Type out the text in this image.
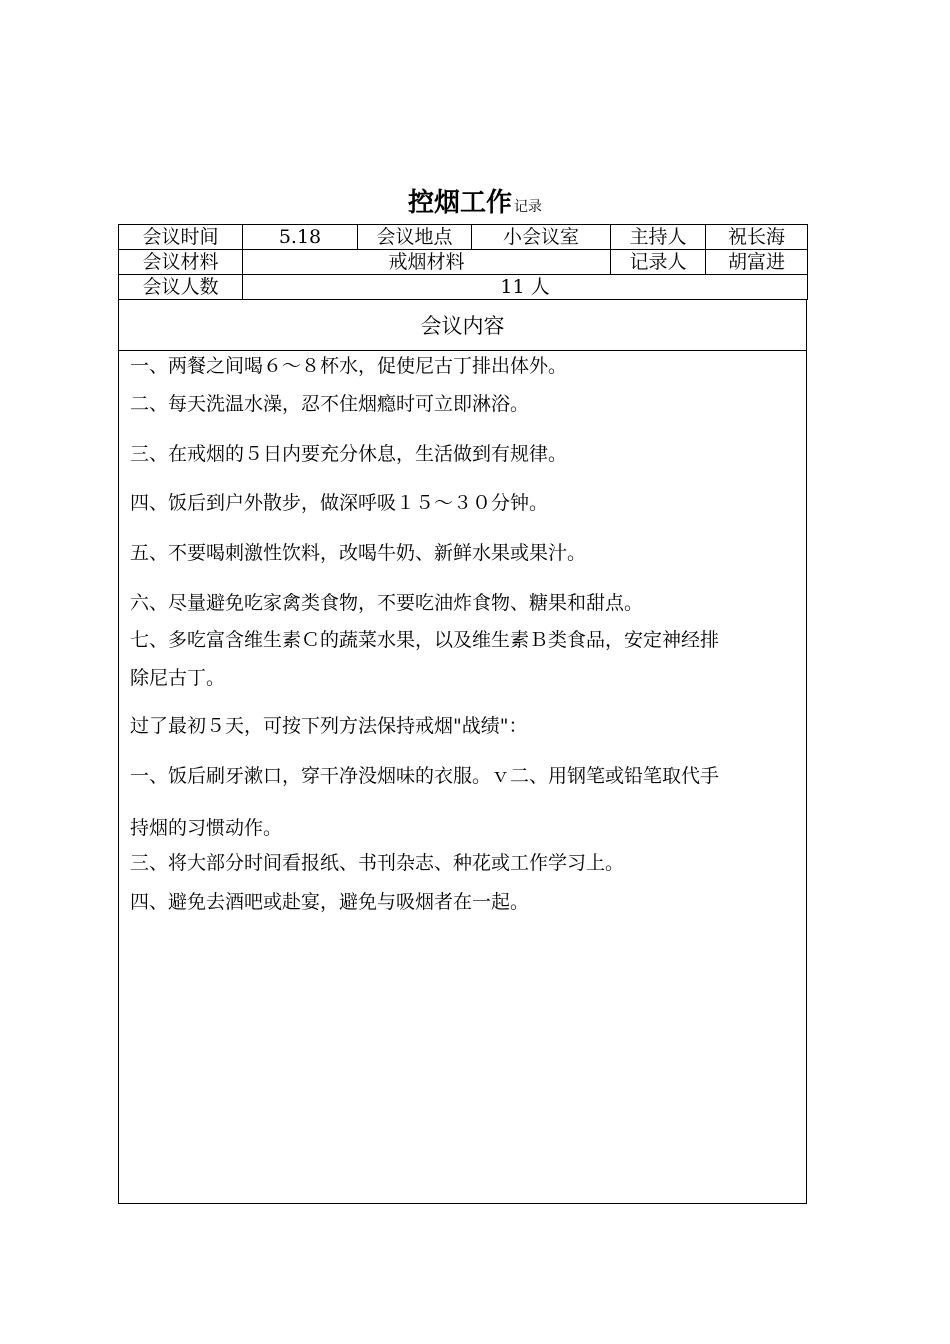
控烟工作 记录
会议时间	5.18	会议地点	小会议室	主持人	祝长海
会议材料	戒烟材料			记录人	胡富进
会议人数	11 人				
会议内容
一、两餐之间喝６～８杯水，促使尼古丁排出体外。
二、每天洗温水澡，忍不住烟瘾时可立即淋浴。
三、在戒烟的５日内要充分休息，生活做到有规律。
四、饭后到户外散步，做深呼吸１５～３０分钟。
五、不要喝刺激性饮料，改喝牛奶、新鲜水果或果汁。
六、尽量避免吃家禽类食物，不要吃油炸食物、糖果和甜点。
七、多吃富含维生素Ｃ的蔬菜水果，以及维生素Ｂ类食品，安定神经排
除尼古丁。
过了最初５天，可按下列方法保持戒烟"战绩"：
一、饭后刷牙漱口，穿干净没烟味的衣服。ｖ二、用钢笔或铅笔取代手
持烟的习惯动作。
三、将大部分时间看报纸、书刊杂志、种花或工作学习上。
四、避免去酒吧或赴宴，避免与吸烟者在一起。
